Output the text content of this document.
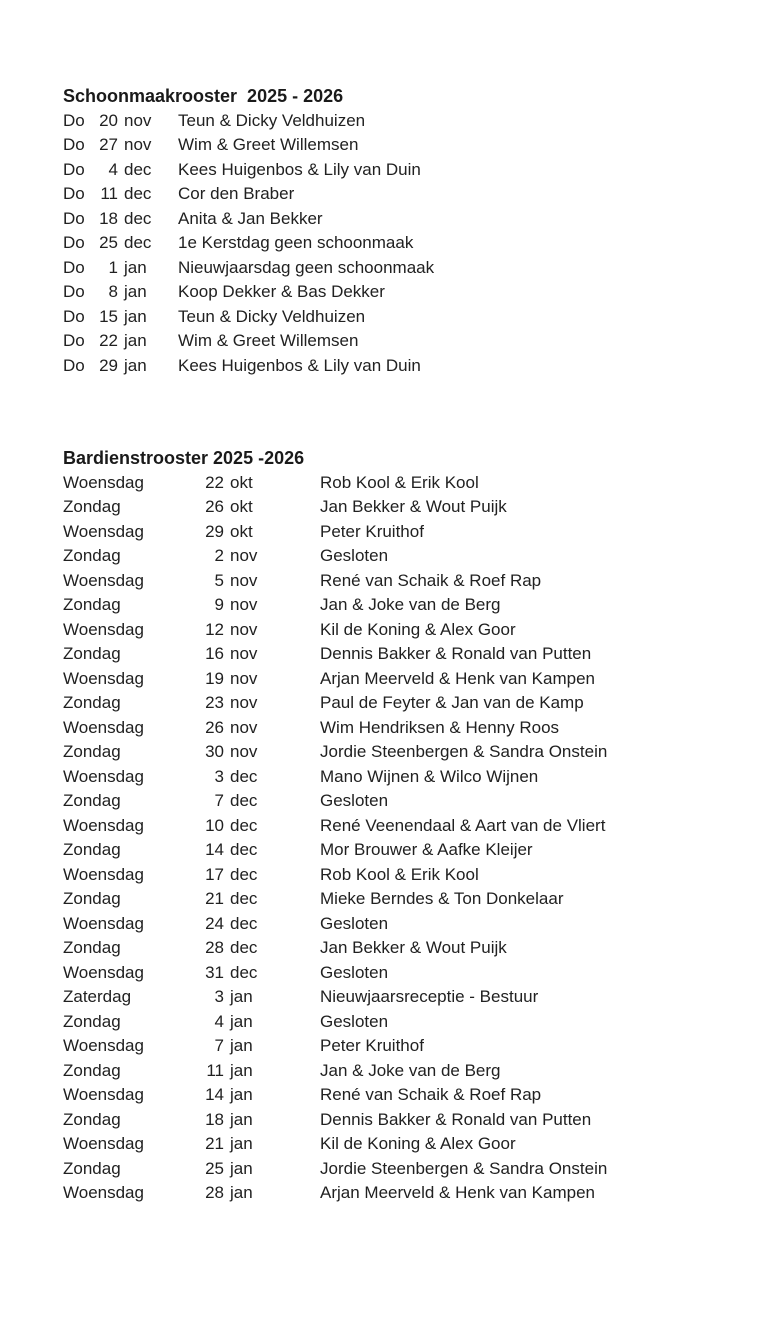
Schoonmaakrooster  2025 - 2026
Do 20 nov	Teun & Dicky Veldhuizen
Do 27 nov	Wim & Greet Willemsen
Do	4 dec	Kees Huigenbos & Lily van Duin
Do 11 dec	Cor den Braber
Do 18 dec	Anita & Jan Bekker
Do 25 dec	1e Kerstdag geen schoonmaak
Do	1 jan	Nieuwjaarsdag geen schoonmaak
Do	8 jan	Koop Dekker & Bas Dekker
Do 15 jan	Teun & Dicky Veldhuizen
Do 22 jan	Wim & Greet Willemsen
Do 29 jan	Kees Huigenbos & Lily van Duin
Bardienstrooster 2025 -2026
Woensdag	22 okt	Rob Kool & Erik Kool
Zondag	26 okt	Jan Bekker & Wout Puijk
Woensdag	29 okt	Peter Kruithof
Zondag	2 nov	Gesloten
Woensdag	5 nov	René van Schaik & Roef Rap
Zondag	9 nov	Jan & Joke van de Berg
Woensdag	12 nov	Kil de Koning & Alex Goor
Zondag	16 nov	Dennis Bakker & Ronald van Putten
Woensdag	19 nov	Arjan Meerveld & Henk van Kampen
Zondag	23 nov	Paul de Feyter & Jan van de Kamp
Woensdag	26 nov	Wim Hendriksen & Henny Roos
Zondag	30 nov	Jordie Steenbergen & Sandra Onstein
Woensdag	3 dec	Mano Wijnen & Wilco Wijnen
Zondag	7 dec	Gesloten
Woensdag	10 dec	René Veenendaal & Aart van de Vliert
Zondag	14 dec	Mor Brouwer & Aafke Kleijer
Woensdag	17 dec	Rob Kool & Erik Kool
Zondag	21 dec	Mieke Berndes & Ton Donkelaar
Woensdag	24 dec	Gesloten
Zondag	28 dec	Jan Bekker & Wout Puijk
Woensdag	31 dec	Gesloten
Zaterdag	3 jan	Nieuwjaarsreceptie - Bestuur
Zondag	4 jan	Gesloten
Woensdag	7 jan	Peter Kruithof
Zondag	11 jan	Jan & Joke van de Berg
Woensdag	14 jan	René van Schaik & Roef Rap
Zondag	18 jan	Dennis Bakker & Ronald van Putten
Woensdag	21 jan	Kil de Koning & Alex Goor
Zondag	25 jan	Jordie Steenbergen & Sandra Onstein
Woensdag	28 jan	Arjan Meerveld & Henk van Kampen
